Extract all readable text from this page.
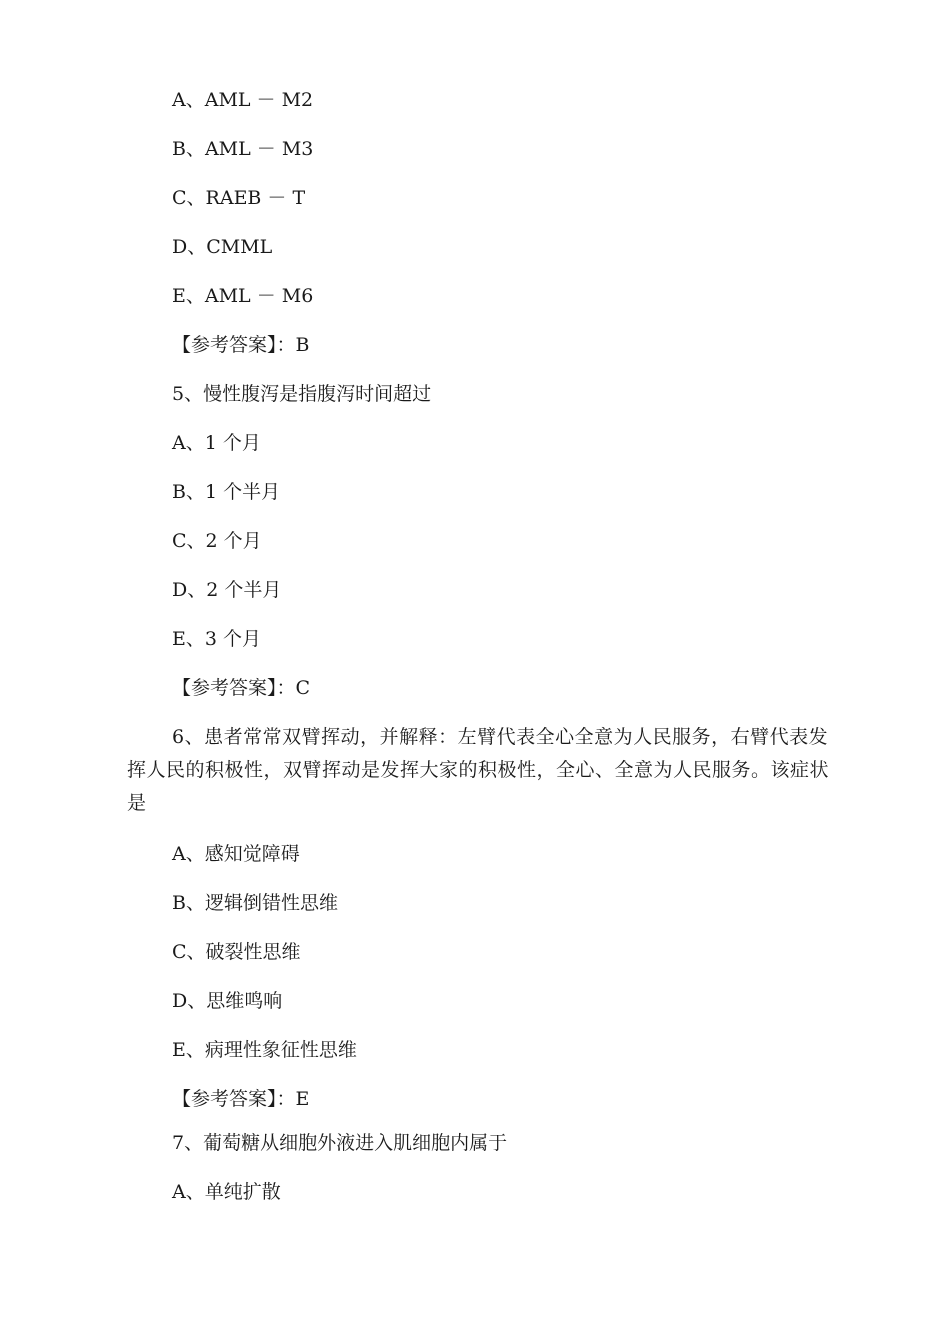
A、AML － M2
B、AML － M3
C、RAEB － T
D、CMML
E、AML － M6
【参考答案】：B
5、慢性腹泻是指腹泻时间超过
A、1 个月
B、1 个半月
C、2 个月
D、2 个半月
E、3 个月
【参考答案】：C
6、患者常常双臂挥动，并解释：左臂代表全心全意为人民服务，右臂代表发挥人民的积极性，双臂挥动是发挥大家的积极性，全心、全意为人民服务。该症状是
A、感知觉障碍
B、逻辑倒错性思维
C、破裂性思维
D、思维鸣响
E、病理性象征性思维
【参考答案】：E
7、葡萄糖从细胞外液进入肌细胞内属于
A、单纯扩散
